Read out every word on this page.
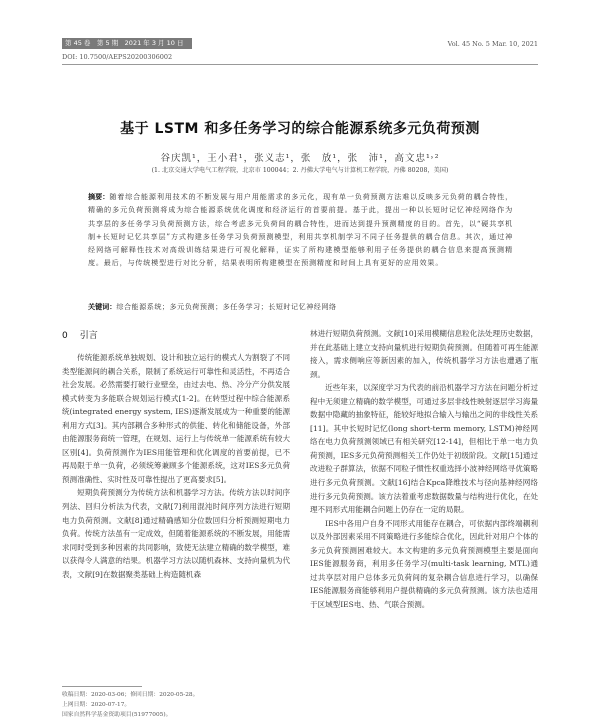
第 45 卷　第 5 期　2021 年 3 月 10 日	Vol. 45 No. 5 Mar. 10, 2021
DOI: 10.7500/AEPS20200306002
基于 LSTM 和多任务学习的综合能源系统多元负荷预测
谷庆凯¹，王小君¹，张义志¹，张　放¹，张　沛¹，高文忠¹˒²
(1. 北京交通大学电气工程学院，北京市 100044；2. 丹佛大学电气与计算机工程学院，丹佛 80208，美国)
摘要：随着综合能源利用技术的不断发展与用户用能需求的多元化，现有单一负荷预测方法难以反映多元负荷的耦合特性，精确的多元负荷预测将成为综合能源系统优化调度和经济运行的首要前提。基于此，提出一种以长短时记忆神经网络作为共享层的多任务学习负荷预测方法，综合考虑多元负荷间的耦合特性，进而达到提升预测精度的目的。首先，以“硬共享机制+长短时记忆共享层”方式构建多任务学习负荷预测模型，利用共享机制学习不同子任务提供的耦合信息。其次，通过神经网络可解释性技术对高级训练结果进行可视化解释，证实了所构建模型能够利用子任务提供的耦合信息来提高预测精度。最后，与传统模型进行对比分析，结果表明所构建模型在预测精度和时间上具有更好的应用效果。
关键词：综合能源系统；多元负荷预测；多任务学习；长短时记忆神经网络
0 引言

传统能源系统单独规划、设计和独立运行的模式人为割裂了不同类型能源间的耦合关系，限制了系统运行可靠性和灵活性，不再适合社会发展。必然需要打破行业壁垒，由过去电、热、冷分产分供发展模式转变为多能联合规划运行模式[1-2]。在转型过程中综合能源系统(integrated energy system, IES)逐渐发展成为一种重要的能源利用方式[3]。其内部耦合多种形式的供能、转化和储能设备，外部由能源服务商统一管理，在规划、运行上与传统单一能源系统有较大区别[4]。负荷预测作为IES用能管理和优化调度的首要前提，已不再局限于单一负荷，必须统筹兼顾多个能源系统，这对IES多元负荷预测准确性、实时性及可靠性提出了更高要求[5]。

短期负荷预测分为传统方法和机器学习方法。传统方法以时间序列法、回归分析法为代表，文献[7]利用混沌时间序列方法进行短期电力负荷预测。文献[8]通过精确感知分位数回归分析预测短期电力负荷。传统方法虽有一定成效，但随着能源系统的不断发展，用能需求同时受到多种因素的共同影响，致使无法建立精确的数学模型，难以获得令人满意的结果。机器学习方法以随机森林、支持向量机为代表，文献[9]在数据聚类基础上构造随机森

林进行短期负荷预测。文献[10]采用模糊信息粒化法处理历史数据，并在此基础上建立支持向量机进行短期负荷预测。但随着可再生能源接入，需求侧响应等新因素的加入，传统机器学习方法也遭遇了瓶颈。

近些年来，以深度学习为代表的前沿机器学习方法在问题分析过程中无须建立精确的数学模型，可通过多层非线性映射逐层学习海量数据中隐藏的抽象特征，能较好地拟合输入与输出之间的非线性关系[11]。其中长短时记忆(long short-term memory, LSTM)神经网络在电力负荷预测领域已有相关研究[12-14]，但相比于单一电力负荷预测，IES多元负荷预测相关工作仍处于初级阶段。文献[15]通过改进粒子群算法，依据不同粒子惯性权重选择小波神经网络寻优策略进行多元负荷预测。文献[16]结合Kpca降维技术与径向基神经网络进行多元负荷预测。该方法着重考虑数据数量与结构进行优化，在处理不同形式用能耦合问题上仍存在一定的局限。

IES中各用户自身不同形式用能存在耦合，可依据内部终端耦利以及外部因素采用不同策略进行多能综合优化，因此针对用户个体的多元负荷预测困难较大。本文构建的多元负荷预测模型主要是面向IES能源服务商，利用多任务学习(multi-task learning, MTL)通过共享层对用户总体多元负荷间的复杂耦合信息进行学习，以确保IES能源服务商能够利用户提供精确的多元负荷预测。该方法也适用于区域型IES电、热、气联合预测。

收稿日期：2020-03-06；修回日期：2020-05-28。
上网日期：2020-07-17。
国家自然科学基金资助项目(51977005)。
